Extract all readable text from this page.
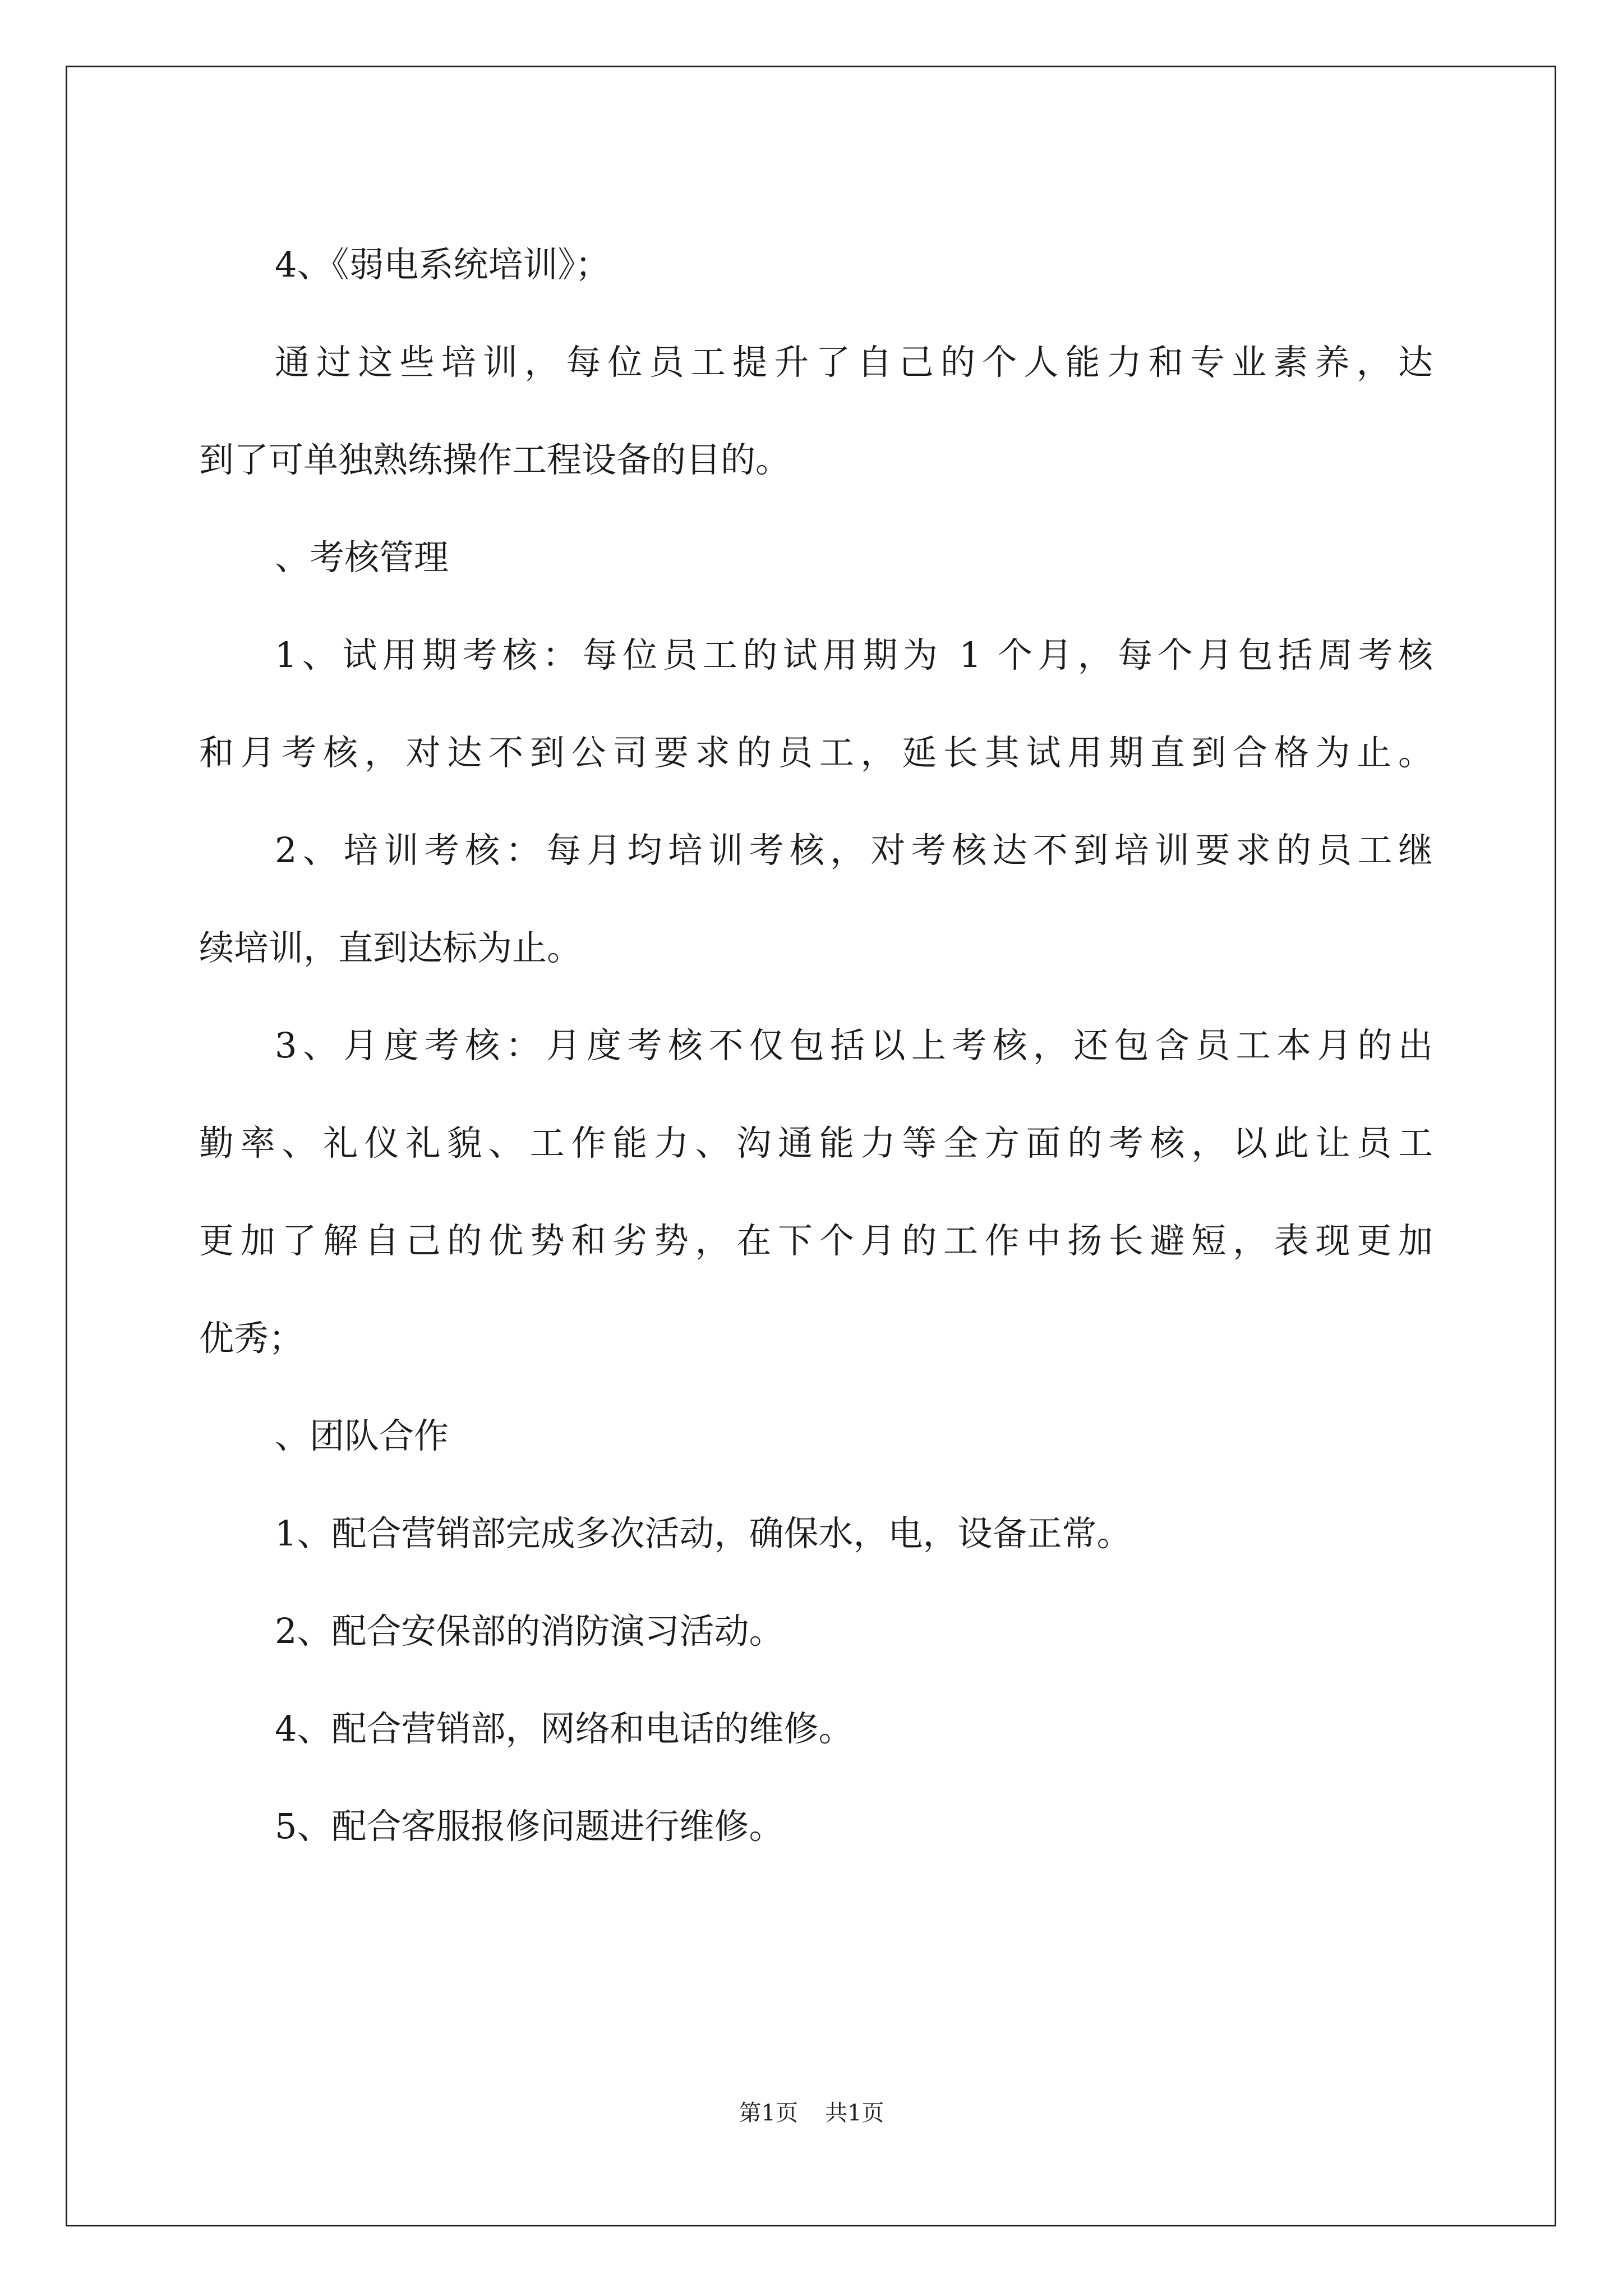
4、《弱电系统培训》；
通过这些培训，每位员工提升了自己的个人能力和专业素养，达
到了可单独熟练操作工程设备的目的。
、考核管理
1、试用期考核：每位员工的试用期为 1 个月，每个月包括周考核
和月考核，对达不到公司要求的员工，延长其试用期直到合格为止。
2、培训考核：每月均培训考核，对考核达不到培训要求的员工继
续培训，直到达标为止。
3、月度考核：月度考核不仅包括以上考核，还包含员工本月的出
勤率、礼仪礼貌、工作能力、沟通能力等全方面的考核，以此让员工
更加了解自己的优势和劣势，在下个月的工作中扬长避短，表现更加
优秀；
、团队合作
1、配合营销部完成多次活动，确保水，电，设备正常。
2、配合安保部的消防演习活动。
4、配合营销部，网络和电话的维修。
5、配合客服报修问题进行维修。
第1页 共1页
